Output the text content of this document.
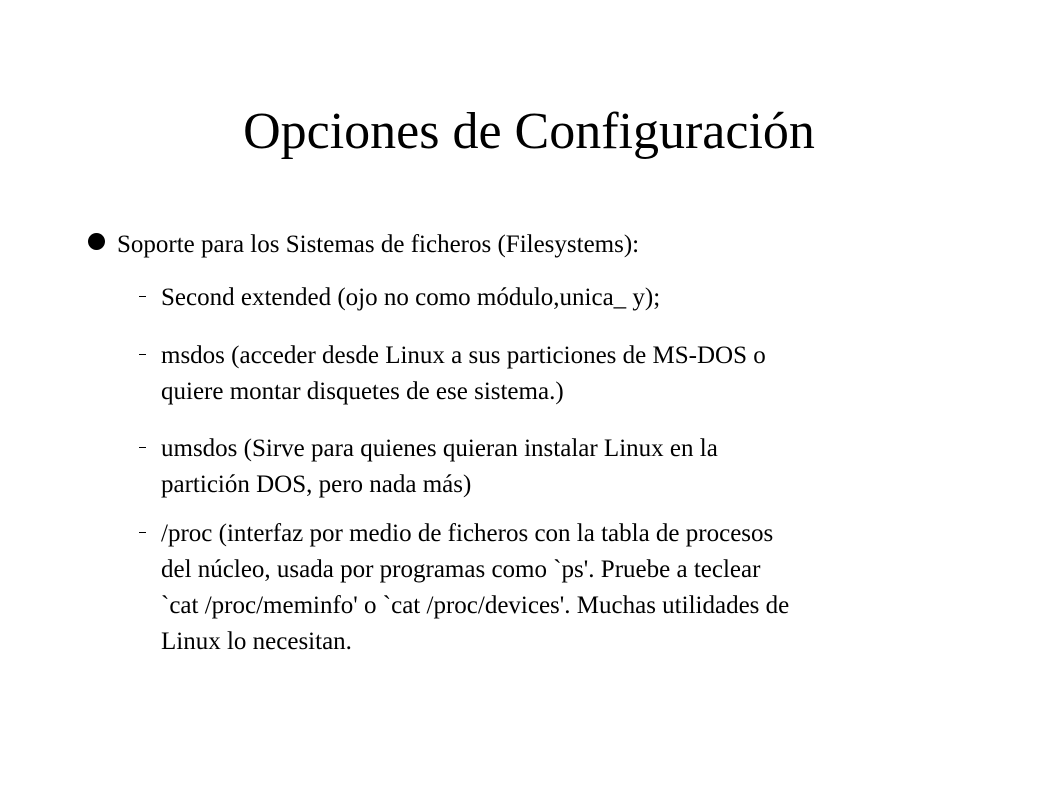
Opciones de Configuración
Soporte para los Sistemas de ficheros (Filesystems):
Second extended (ojo no como módulo,unica_ y);
msdos (acceder desde Linux a sus particiones de MS-DOS o
quiere montar disquetes de ese sistema.)
umsdos (Sirve para quienes quieran instalar Linux en la
partición DOS, pero nada más)
/proc (interfaz por medio de ficheros con la tabla de procesos
del núcleo, usada por programas como `ps'. Pruebe a teclear
`cat /proc/meminfo' o `cat /proc/devices'. Muchas utilidades de
Linux lo necesitan.
